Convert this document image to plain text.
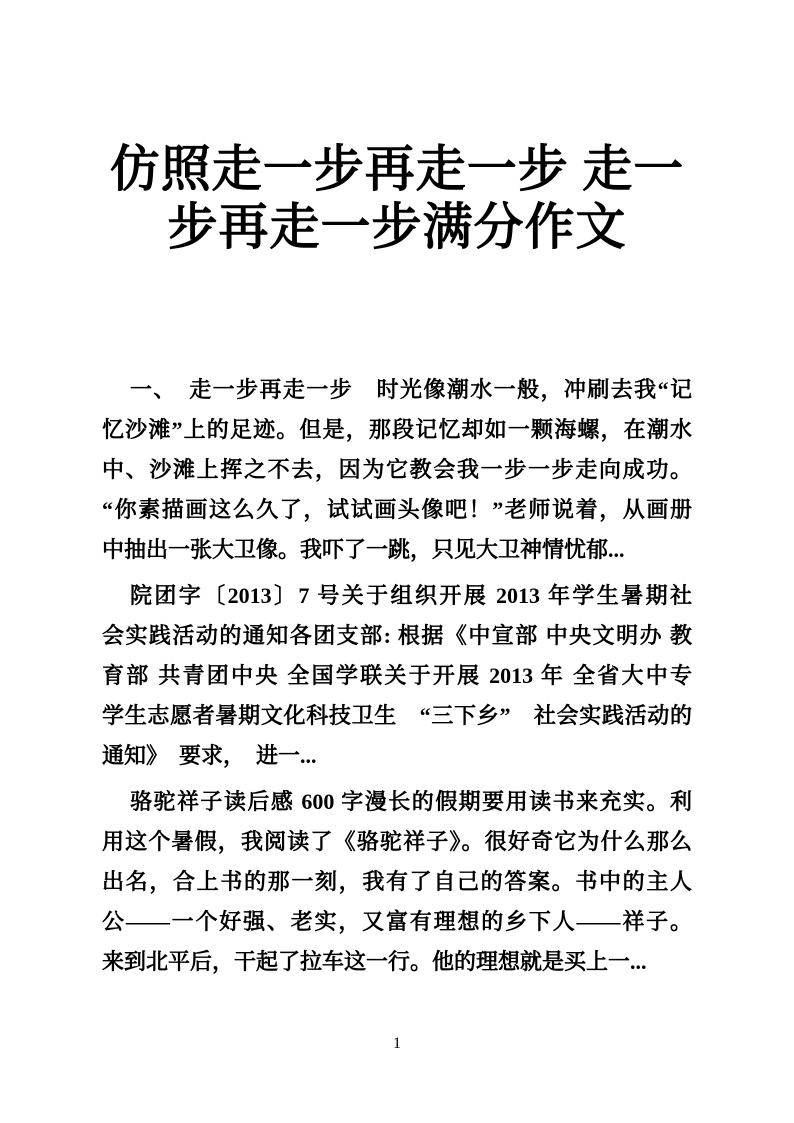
仿照走一步再走一步 走一
步再走一步满分作文

一、　走一步再走一步　时光像潮水一般，冲刷去我“记
忆沙滩”上的足迹。但是，那段记忆却如一颗海螺，在潮水
中、沙滩上挥之不去，因为它教会我一步一步走向成功。
“你素描画这么久了，试试画头像吧！”老师说着，从画册
中抽出一张大卫像。我吓了一跳，只见大卫神情忧郁...

院团字〔2013〕7 号关于组织开展 2013 年学生暑期社
会实践活动的通知各团支部: 根据《中宣部 中央文明办 教
育部 共青团中央 全国学联关于开展 2013 年 全省大中专
学生志愿者暑期文化科技卫生　“三下乡”　社会实践活动的
通知》　要求，　进一...

骆驼祥子读后感 600 字漫长的假期要用读书来充实。利
用这个暑假，我阅读了《骆驼祥子》。很好奇它为什么那么
出名，合上书的那一刻，我有了自己的答案。书中的主人
公——一个好强、老实，又富有理想的乡下人——祥子。
来到北平后，干起了拉车这一行。他的理想就是买上一...

1
